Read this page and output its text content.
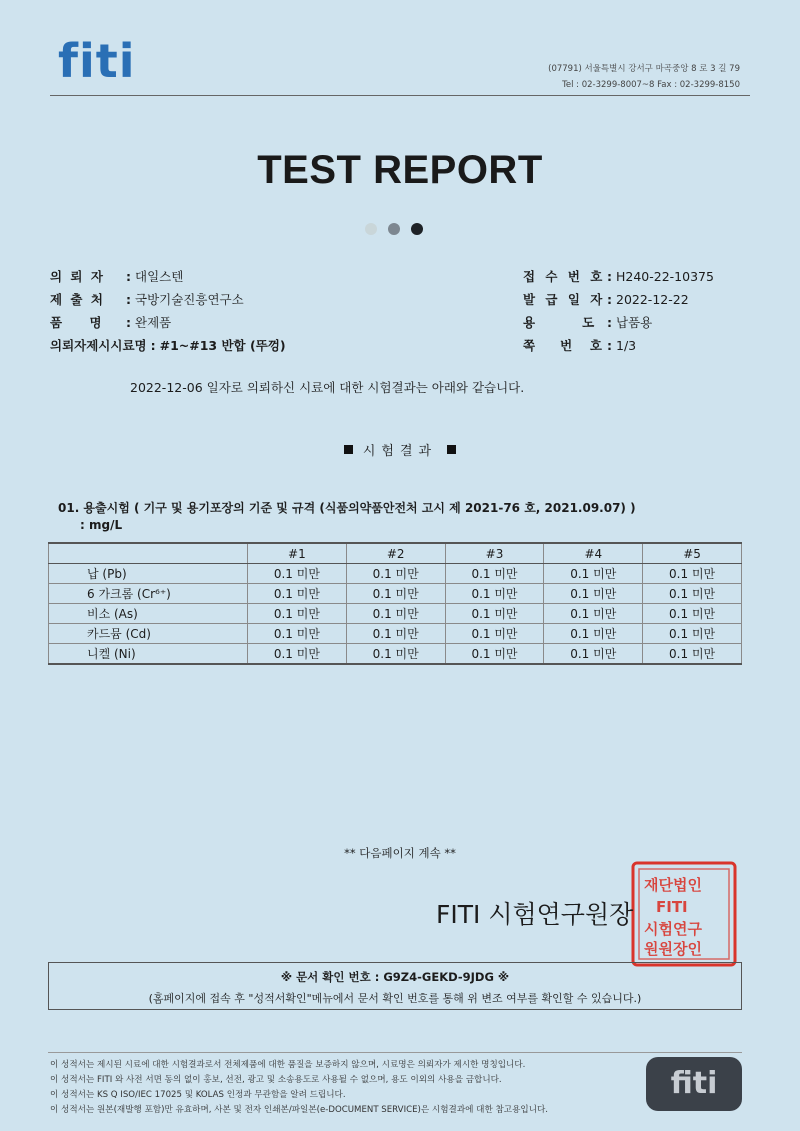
fiti	(07791) 서울특별시 강서구 마곡중앙 8 로 3 길 79
Tel : 02-3299-8007~8 Fax : 02-3299-8150
TEST REPORT

의 뢰 자 : 대일스텐
제 출 처 : 국방기술진흥연구소
품    명 : 완제품
의뢰자제시시료명 : #1~#13 반합 (뚜껑)
접 수 번 호 : H240-22-10375
발 급 일 자 : 2022-12-22
용      도 : 납품용
쪽   번  호 : 1/3
2022-12-06 일자로 의뢰하신 시료에 대한 시험결과는 아래와 같습니다.
시험결과
01. 용출시험 ( 기구 및 용기포장의 기준 및 규격 (식품의약품안전처 고시 제 2021-76 호, 2021.09.07) )
: mg/L
	#1	#2	#3	#4	#5
납 (Pb)	0.1 미만	0.1 미만	0.1 미만	0.1 미만	0.1 미만
6 가크롬 (Cr⁶⁺)	0.1 미만	0.1 미만	0.1 미만	0.1 미만	0.1 미만
비소 (As)	0.1 미만	0.1 미만	0.1 미만	0.1 미만	0.1 미만
카드뮴 (Cd)	0.1 미만	0.1 미만	0.1 미만	0.1 미만	0.1 미만
니켈 (Ni)	0.1 미만	0.1 미만	0.1 미만	0.1 미만	0.1 미만
** 다음페이지 계속 **
재단법인
FITI
시험연구
원원장인
FITI 시험연구원장
※ 문서 확인 번호 : G9Z4-GEKD-9JDG ※
(홈페이지에 접속 후 "성적서확인"메뉴에서 문서 확인 번호를 통해 위 변조 여부를 확인할 수 있습니다.)
이 성적서는 제시된 시료에 대한 시험결과로서 전체제품에 대한 품질을 보증하지 않으며, 시료명은 의뢰자가 제시한 명칭입니다.
이 성적서는 FITI 와 사전 서면 동의 없이 홍보, 선전, 광고 및 소송용도로 사용될 수 없으며, 용도 이외의 사용을 금합니다.
이 성적서는 KS Q ISO/IEC 17025 및 KOLAS 인정과 무관함을 알려 드립니다.
이 성적서는 원본(재발행 포함)만 유효하며, 사본 및 전자 인쇄본/파일본(e-DOCUMENT SERVICE)은 시험결과에 대한 참고용입니다.
fiti
